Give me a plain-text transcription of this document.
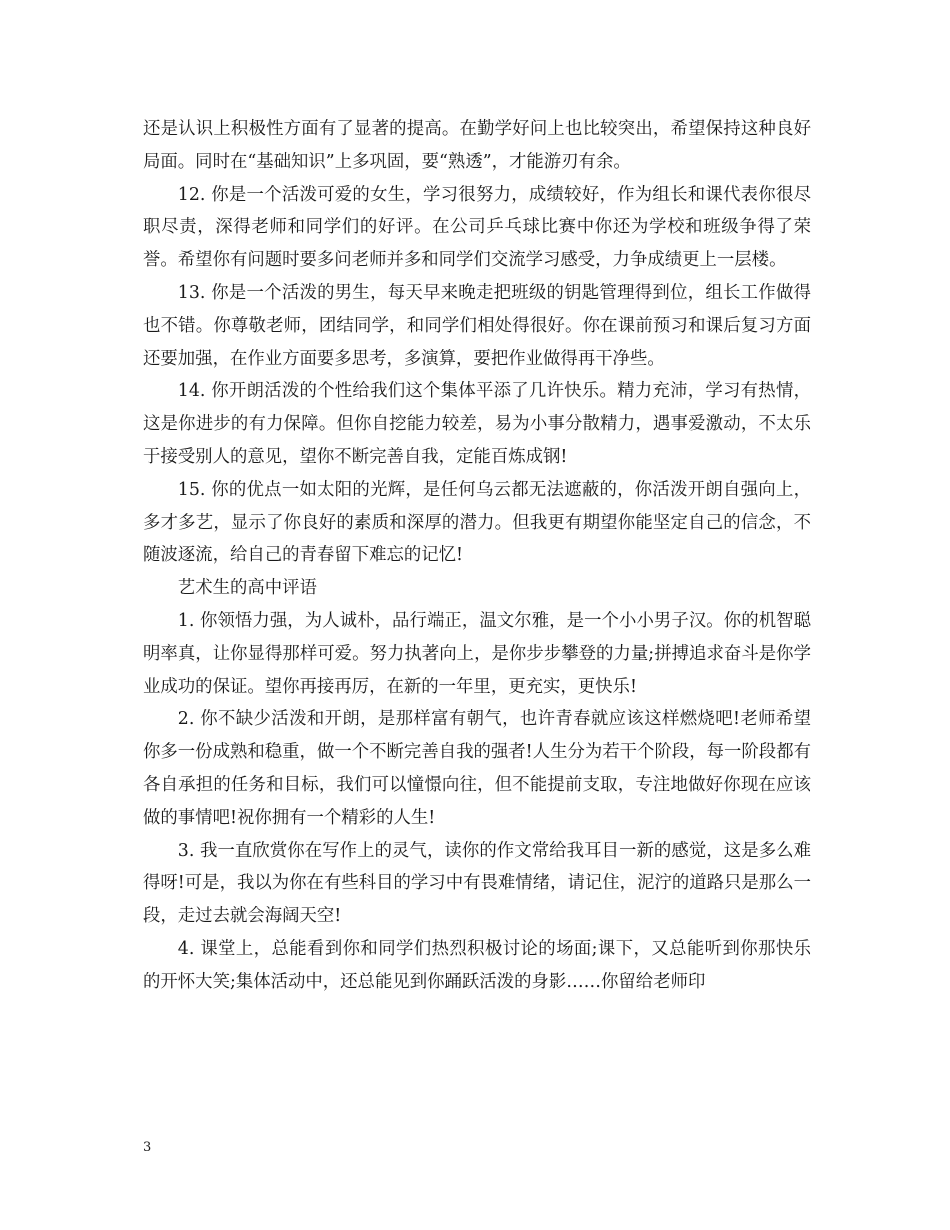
还是认识上积极性方面有了显著的提高。在勤学好问上也比较突出，希望保持这种良好局面。同时在“基础知识”上多巩固，要“熟透”，才能游刃有余。

12. 你是一个活泼可爱的女生，学习很努力，成绩较好，作为组长和课代表你很尽职尽责，深得老师和同学们的好评。在公司乒乓球比赛中你还为学校和班级争得了荣誉。希望你有问题时要多问老师并多和同学们交流学习感受，力争成绩更上一层楼。

13. 你是一个活泼的男生，每天早来晚走把班级的钥匙管理得到位，组长工作做得也不错。你尊敬老师，团结同学，和同学们相处得很好。你在课前预习和课后复习方面还要加强，在作业方面要多思考，多演算，要把作业做得再干净些。

14. 你开朗活泼的个性给我们这个集体平添了几许快乐。精力充沛，学习有热情，这是你进步的有力保障。但你自挖能力较差，易为小事分散精力，遇事爱激动，不太乐于接受别人的意见，望你不断完善自我，定能百炼成钢!

15. 你的优点一如太阳的光辉，是任何乌云都无法遮蔽的，你活泼开朗自强向上，多才多艺，显示了你良好的素质和深厚的潜力。但我更有期望你能坚定自己的信念，不随波逐流，给自己的青春留下难忘的记忆!

艺术生的高中评语

1. 你领悟力强，为人诚朴，品行端正，温文尔雅，是一个小小男子汉。你的机智聪明率真，让你显得那样可爱。努力执著向上，是你步步攀登的力量;拼搏追求奋斗是你学业成功的保证。望你再接再厉，在新的一年里，更充实，更快乐!

2. 你不缺少活泼和开朗，是那样富有朝气，也许青春就应该这样燃烧吧!老师希望你多一份成熟和稳重，做一个不断完善自我的强者!人生分为若干个阶段，每一阶段都有各自承担的任务和目标，我们可以憧憬向往，但不能提前支取，专注地做好你现在应该做的事情吧!祝你拥有一个精彩的人生!

3. 我一直欣赏你在写作上的灵气，读你的作文常给我耳目一新的感觉，这是多么难得呀!可是，我以为你在有些科目的学习中有畏难情绪，请记住，泥泞的道路只是那么一段，走过去就会海阔天空!

4. 课堂上，总能看到你和同学们热烈积极讨论的场面;课下，又总能听到你那快乐的开怀大笑;集体活动中，还总能见到你踊跃活泼的身影……你留给老师印

3
